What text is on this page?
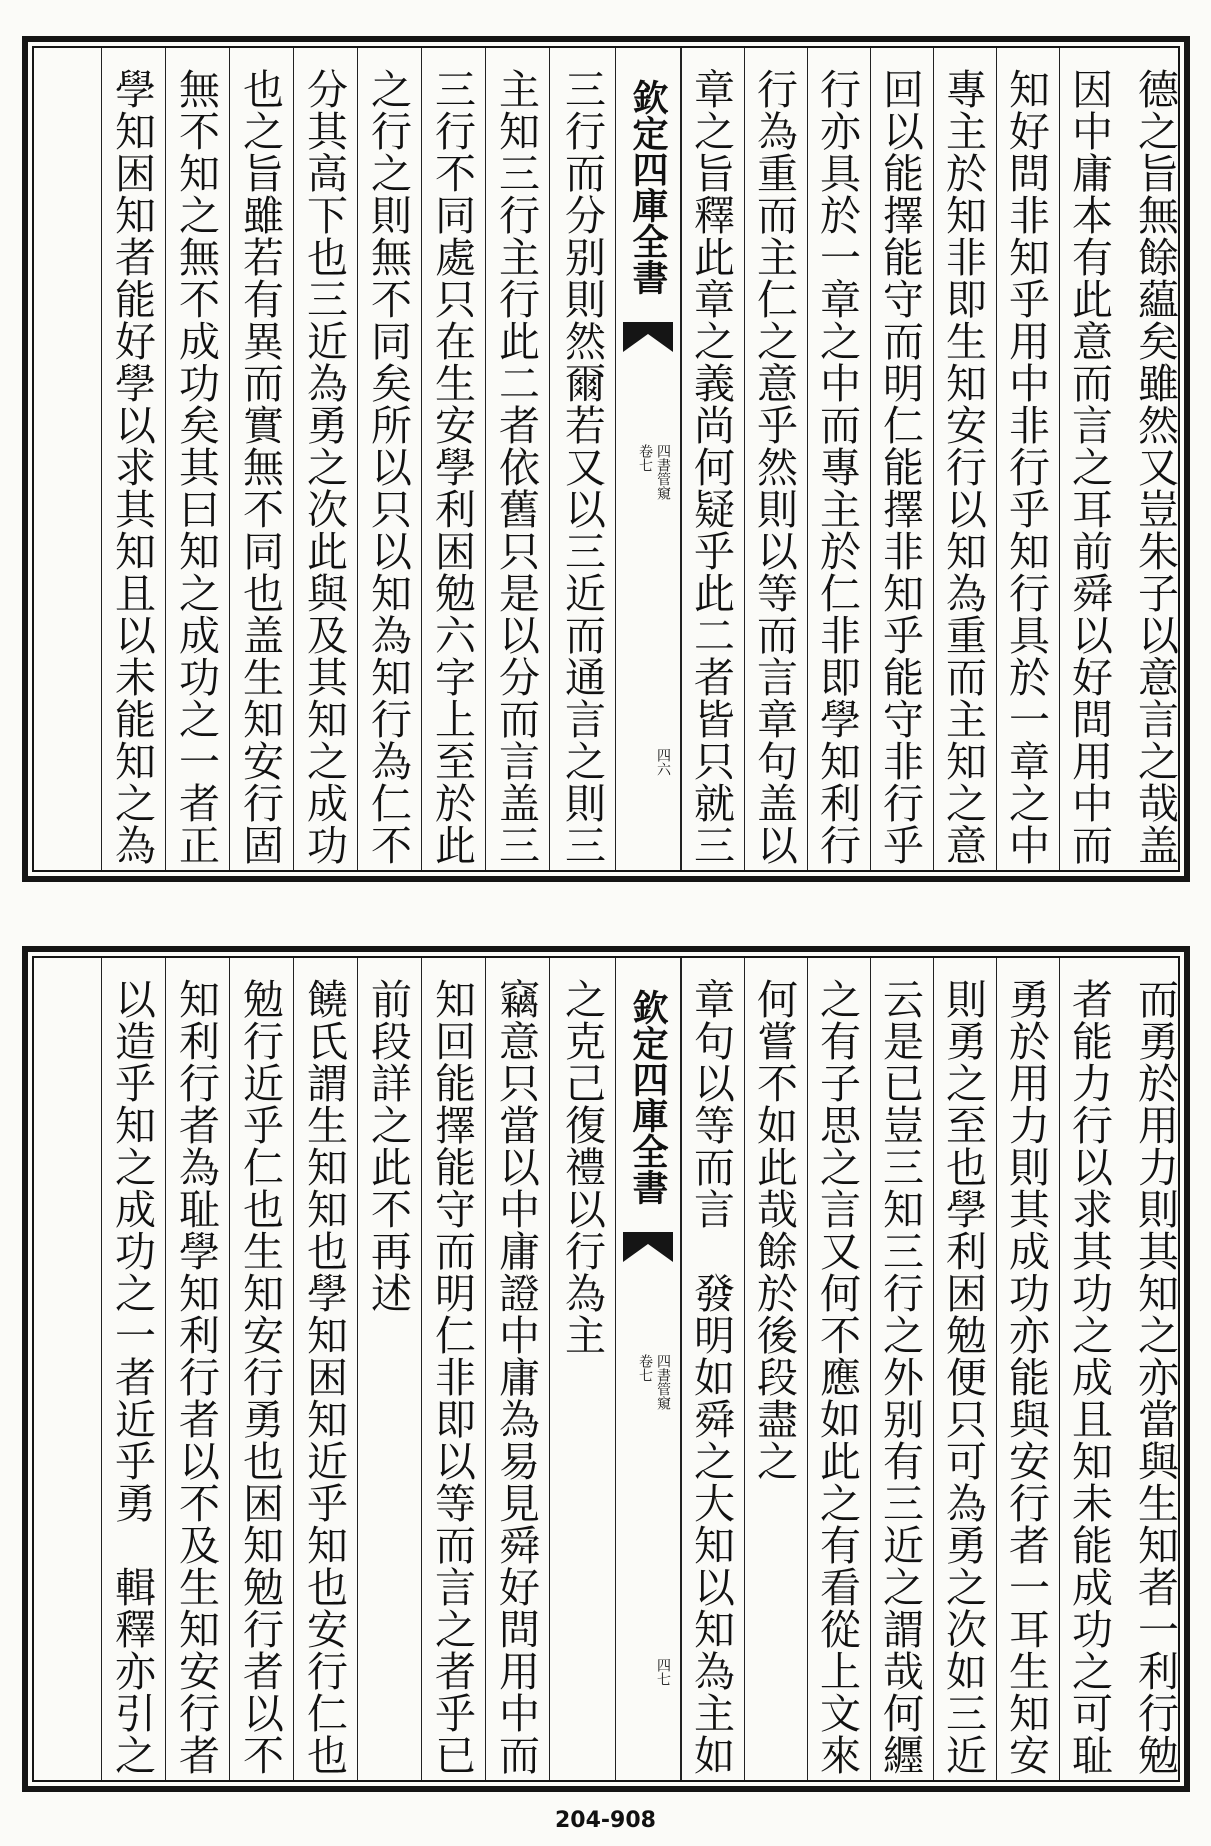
德之旨無餘藴矣雖然又豈朱子以意言之哉盖
因中庸本有此意而言之耳前舜以好問用中而
知好問非知乎用中非行乎知行具於一章之中
專主於知非即生知安行以知為重而主知之意
回以能擇能守而明仁能擇非知乎能守非行乎
行亦具於一章之中而專主於仁非即學知利行
行為重而主仁之意乎然則以等而言章句盖以
章之旨釋此章之義尚何疑乎此二者皆只就三
欽定四庫全書
四書管窺 卷七
四六
三行而分别則然爾若又以三近而通言之則三
主知三行主行此二者依舊只是以分而言盖三
三行不同處只在生安學利困勉六字上至於此
之行之則無不同矣所以只以知為知行為仁不
分其高下也三近為勇之次此與及其知之成功
也之旨雖若有異而實無不同也盖生知安行固
無不知之無不成功矣其曰知之成功之一者正
學知困知者能好學以求其知且以未能知之為
而勇於用力則其知之亦當與生知者一利行勉
者能力行以求其功之成且知未能成功之可耻
勇於用力則其成功亦能與安行者一耳生知安
則勇之至也學利困勉便只可為勇之次如三近
云是已豈三知三行之外别有三近之謂哉何纒
之有子思之言又何不應如此之有看從上文來
何嘗不如此哉餘於後段盡之
章句以等而言　發明如舜之大知以知為主如
欽定四庫全書
四書管窺 卷七
四七
之克己復禮以行為主
竊意只當以中庸證中庸為易見舜好問用中而
知回能擇能守而明仁非即以等而言之者乎已
前段詳之此不再述
饒氏謂生知知也學知困知近乎知也安行仁也
勉行近乎仁也生知安行勇也困知勉行者以不
知利行者為耻學知利行者以不及生知安行者
以造乎知之成功之一者近乎勇　輯釋亦引之
204-908
